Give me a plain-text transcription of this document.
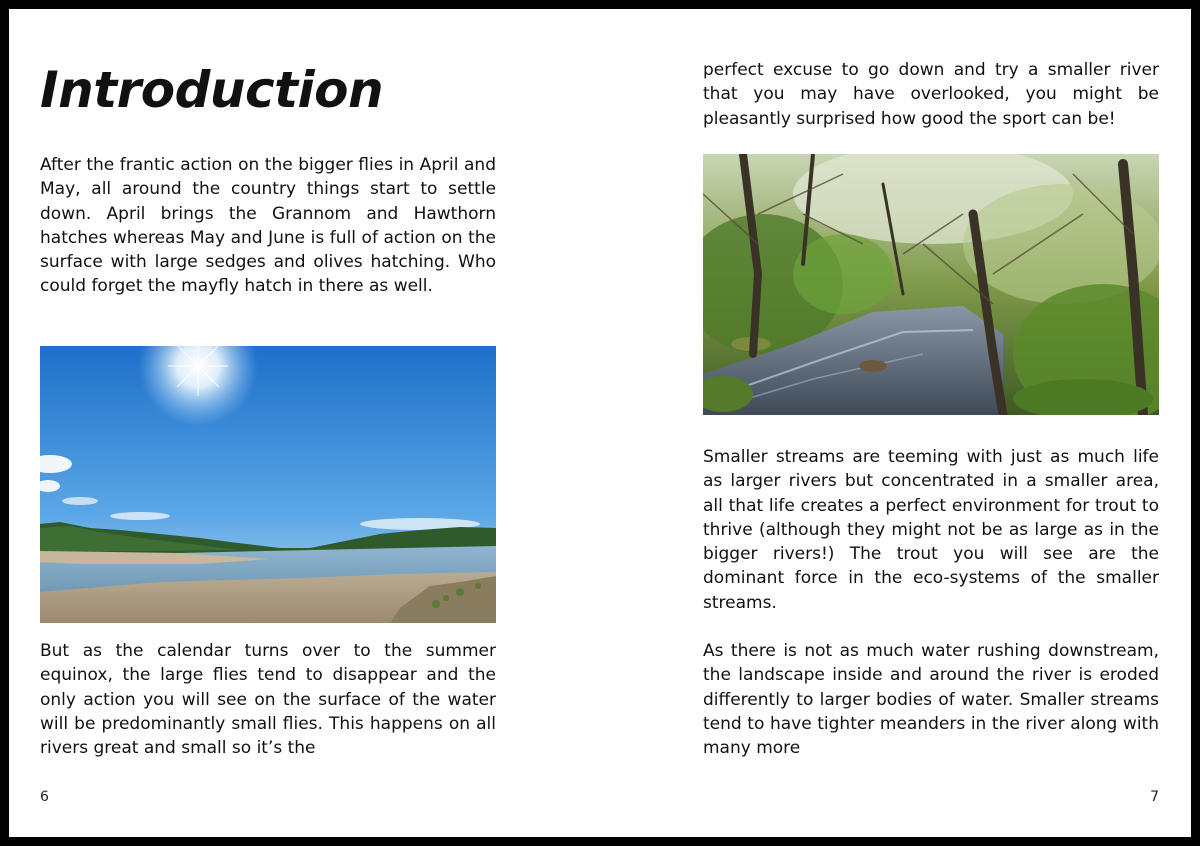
Introduction

After the frantic action on the bigger flies in April and May, all around the country things start to settle down. April brings the Grannom and Hawthorn hatches whereas May and June is full of action on the surface with large sedges and olives hatching. Who could forget the mayfly hatch in there as well.

But as the calendar turns over to the summer equinox, the large flies tend to disappear and the only action you will see on the surface of the water will be predominantly small flies. This happens on all rivers great and small so it’s the

6

perfect excuse to go down and try a smaller river that you may have overlooked, you might be pleasantly surprised how good the sport can be!

Smaller streams are teeming with just as much life as larger rivers but concentrated in a smaller area, all that life creates a perfect environment for trout to thrive (although they might not be as large as in the bigger rivers!) The trout you will see are the dominant force in the eco-systems of the smaller streams.

As there is not as much water rushing downstream, the landscape inside and around the river is eroded differently to larger bodies of water. Smaller streams tend to have tighter meanders in the river along with many more

7
